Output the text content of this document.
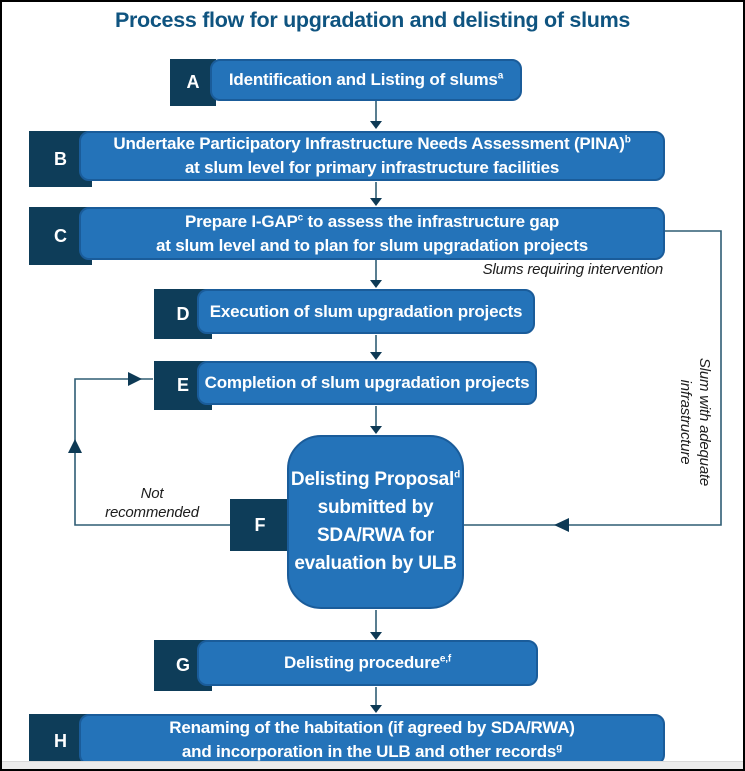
Process flow for upgradation and delisting of slums
A Identification and Listing of slums$^a$
B
Undertake Participatory Infrastructure Needs Assessment (PINA)$^b$
at slum level for primary infrastructure facilities
C
Prepare I-GAP$^c$ to assess the infrastructure gap
at slum level and to plan for slum upgradation projects
D Execution of slum upgradation projects
E Completion of slum upgradation projects
F
Delisting Proposal$^d$
submitted by
SDA/RWA for
evaluation by ULB
G	Delisting procedure$^{e,f}$
H
Renaming of the habitation (if agreed by SDA/RWA)
and incorporation in the ULB and other records$^g$
Slums requiring intervention
Not
recommended
Slum with adequate
infrastructure
